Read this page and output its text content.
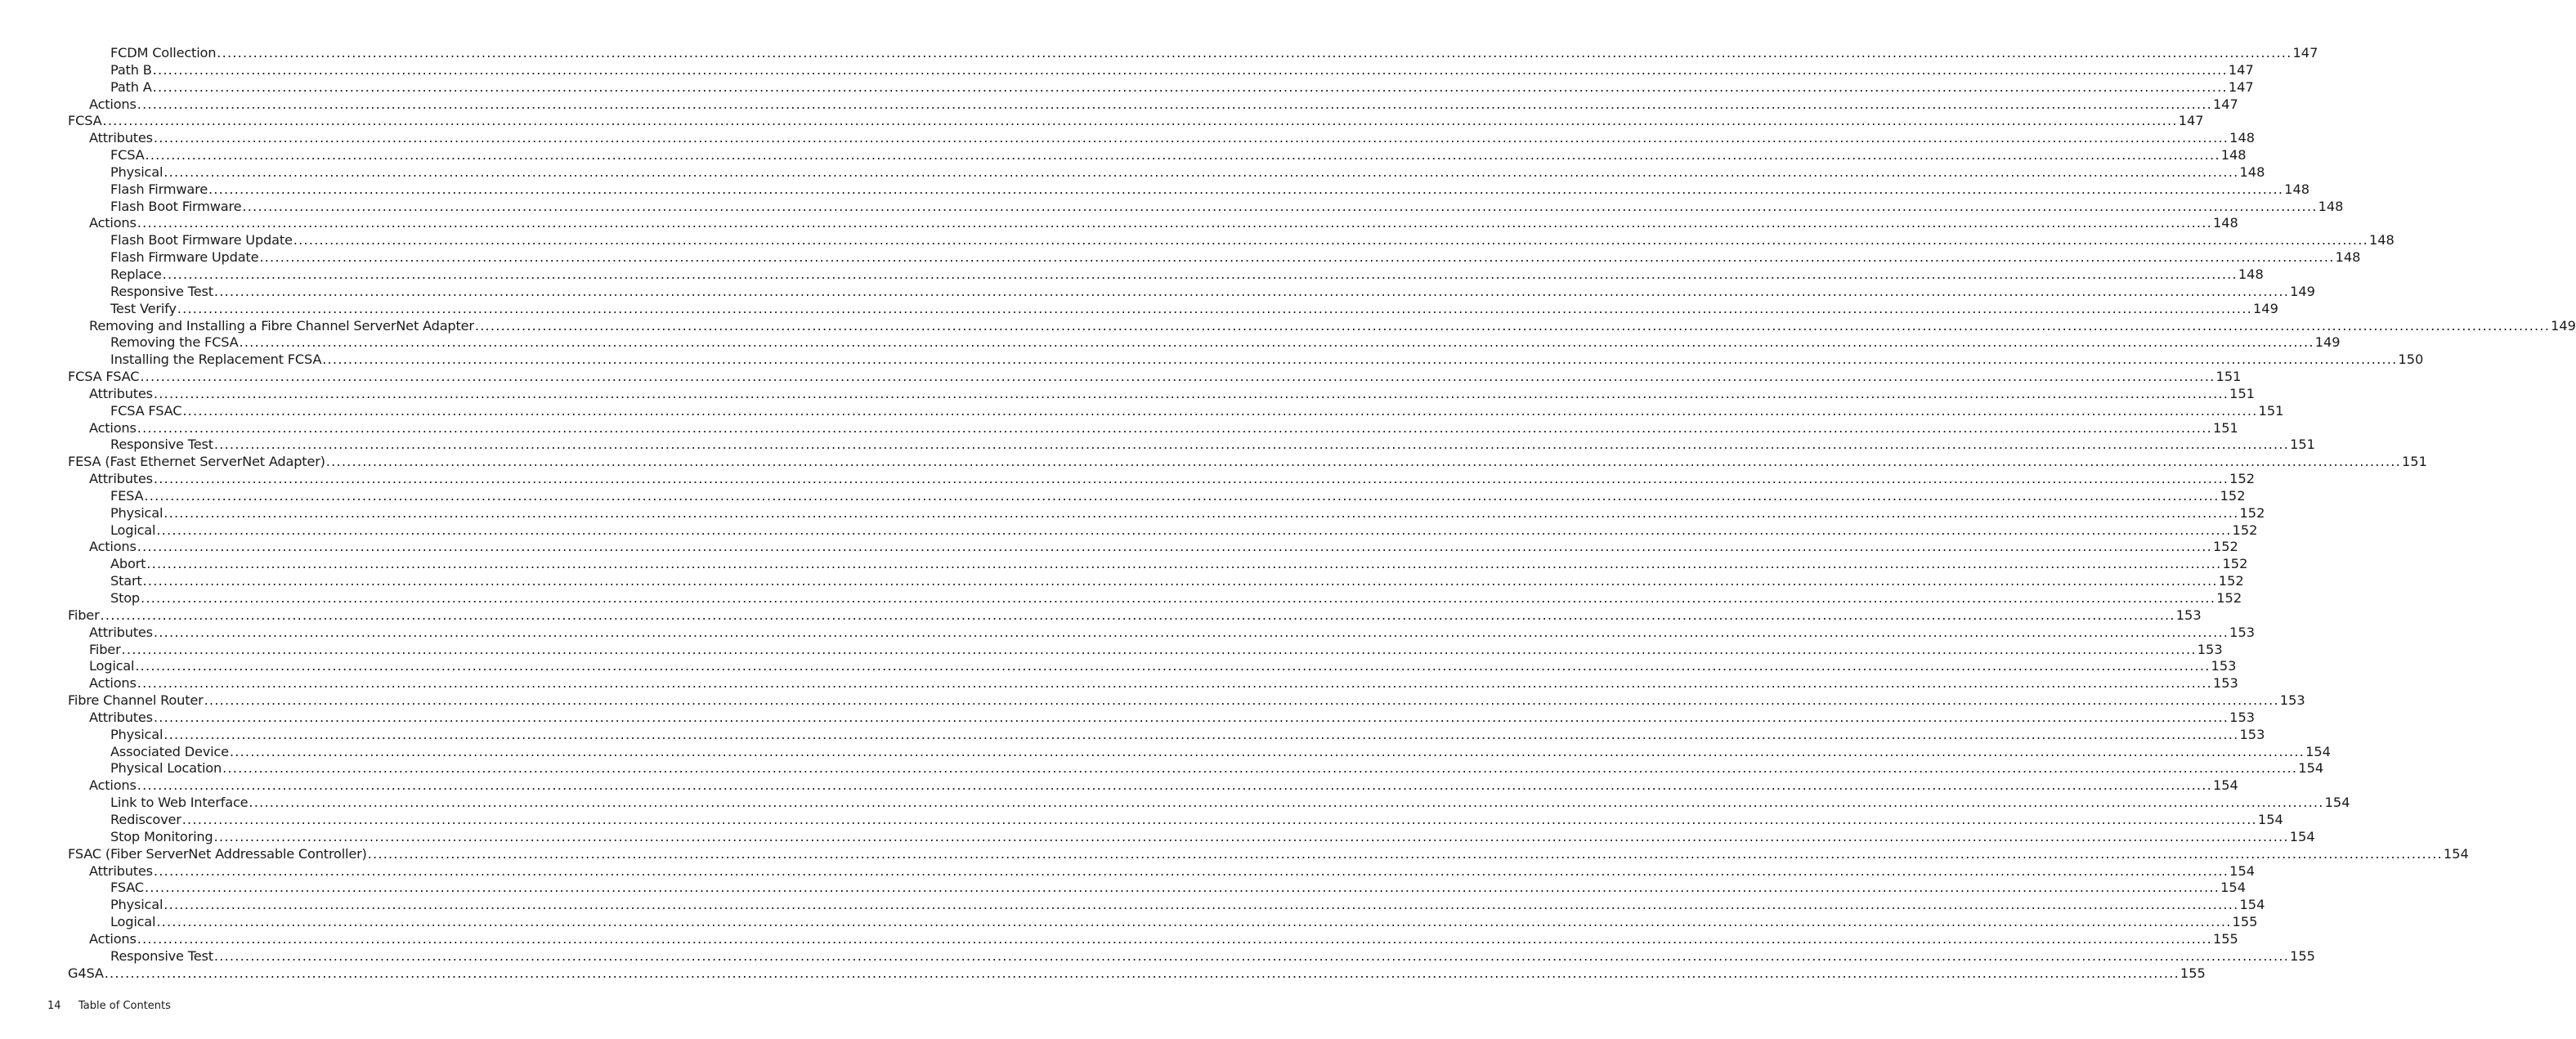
FCDM Collection ................................................................................................................................................................................................................................................................................................................................................................................................................ 147
Path B ................................................................................................................................................................................................................................................................................................................................................................................................................ 147
Path A ................................................................................................................................................................................................................................................................................................................................................................................................................ 147
Actions ................................................................................................................................................................................................................................................................................................................................................................................................................ 147
FCSA ................................................................................................................................................................................................................................................................................................................................................................................................................ 147
Attributes ................................................................................................................................................................................................................................................................................................................................................................................................................ 148
FCSA ................................................................................................................................................................................................................................................................................................................................................................................................................ 148
Physical ................................................................................................................................................................................................................................................................................................................................................................................................................ 148
Flash Firmware ................................................................................................................................................................................................................................................................................................................................................................................................................ 148
Flash Boot Firmware ................................................................................................................................................................................................................................................................................................................................................................................................................ 148
Actions ................................................................................................................................................................................................................................................................................................................................................................................................................ 148
Flash Boot Firmware Update ................................................................................................................................................................................................................................................................................................................................................................................................................ 148
Flash Firmware Update ................................................................................................................................................................................................................................................................................................................................................................................................................ 148
Replace ................................................................................................................................................................................................................................................................................................................................................................................................................ 148
Responsive Test ................................................................................................................................................................................................................................................................................................................................................................................................................ 149
Test Verify ................................................................................................................................................................................................................................................................................................................................................................................................................ 149
Removing and Installing a Fibre Channel ServerNet Adapter ................................................................................................................................................................................................................................................................................................................................................................................................................ 149
Removing the FCSA ................................................................................................................................................................................................................................................................................................................................................................................................................ 149
Installing the Replacement FCSA ................................................................................................................................................................................................................................................................................................................................................................................................................ 150
FCSA FSAC ................................................................................................................................................................................................................................................................................................................................................................................................................ 151
Attributes ................................................................................................................................................................................................................................................................................................................................................................................................................ 151
FCSA FSAC ................................................................................................................................................................................................................................................................................................................................................................................................................ 151
Actions ................................................................................................................................................................................................................................................................................................................................................................................................................ 151
Responsive Test ................................................................................................................................................................................................................................................................................................................................................................................................................ 151
FESA (Fast Ethernet ServerNet Adapter) ................................................................................................................................................................................................................................................................................................................................................................................................................ 151
Attributes ................................................................................................................................................................................................................................................................................................................................................................................................................ 152
FESA ................................................................................................................................................................................................................................................................................................................................................................................................................ 152
Physical ................................................................................................................................................................................................................................................................................................................................................................................................................ 152
Logical ................................................................................................................................................................................................................................................................................................................................................................................................................ 152
Actions ................................................................................................................................................................................................................................................................................................................................................................................................................ 152
Abort ................................................................................................................................................................................................................................................................................................................................................................................................................ 152
Start ................................................................................................................................................................................................................................................................................................................................................................................................................ 152
Stop ................................................................................................................................................................................................................................................................................................................................................................................................................ 152
Fiber ................................................................................................................................................................................................................................................................................................................................................................................................................ 153
Attributes ................................................................................................................................................................................................................................................................................................................................................................................................................ 153
Fiber ................................................................................................................................................................................................................................................................................................................................................................................................................ 153
Logical ................................................................................................................................................................................................................................................................................................................................................................................................................ 153
Actions ................................................................................................................................................................................................................................................................................................................................................................................................................ 153
Fibre Channel Router ................................................................................................................................................................................................................................................................................................................................................................................................................ 153
Attributes ................................................................................................................................................................................................................................................................................................................................................................................................................ 153
Physical ................................................................................................................................................................................................................................................................................................................................................................................................................ 153
Associated Device ................................................................................................................................................................................................................................................................................................................................................................................................................ 154
Physical Location ................................................................................................................................................................................................................................................................................................................................................................................................................ 154
Actions ................................................................................................................................................................................................................................................................................................................................................................................................................ 154
Link to Web Interface ................................................................................................................................................................................................................................................................................................................................................................................................................ 154
Rediscover ................................................................................................................................................................................................................................................................................................................................................................................................................ 154
Stop Monitoring ................................................................................................................................................................................................................................................................................................................................................................................................................ 154
FSAC (Fiber ServerNet Addressable Controller) ................................................................................................................................................................................................................................................................................................................................................................................................................ 154
Attributes ................................................................................................................................................................................................................................................................................................................................................................................................................ 154
FSAC ................................................................................................................................................................................................................................................................................................................................................................................................................ 154
Physical ................................................................................................................................................................................................................................................................................................................................................................................................................ 154
Logical ................................................................................................................................................................................................................................................................................................................................................................................................................ 155
Actions ................................................................................................................................................................................................................................................................................................................................................................................................................ 155
Responsive Test ................................................................................................................................................................................................................................................................................................................................................................................................................ 155
G4SA ................................................................................................................................................................................................................................................................................................................................................................................................................ 155
14 Table of Contents
